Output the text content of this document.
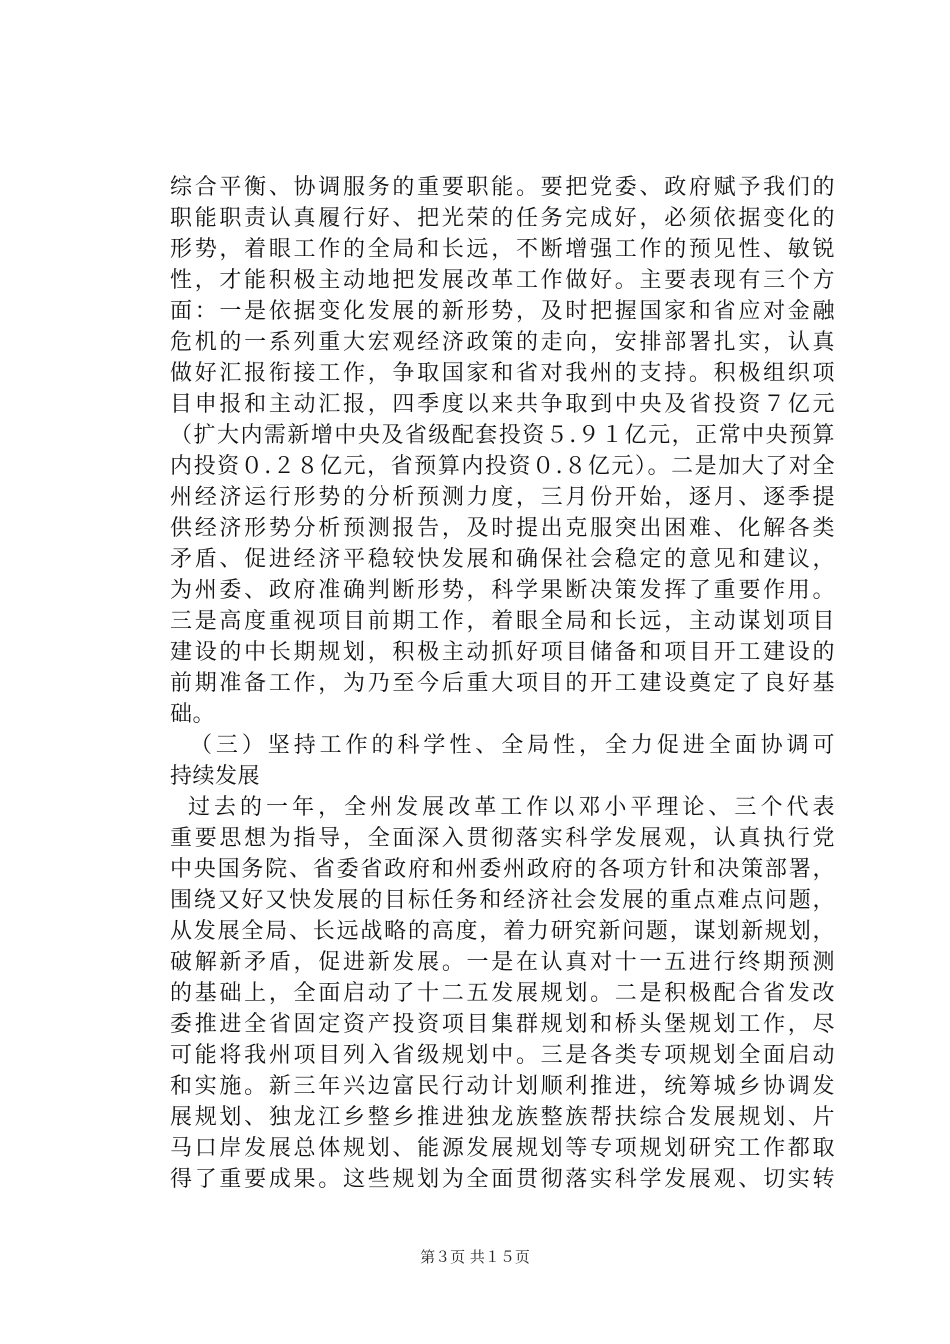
综合平衡、协调服务的重要职能。要把党委、政府赋予我们的
职能职责认真履行好、把光荣的任务完成好，必须依据变化的
形势，着眼工作的全局和长远，不断增强工作的预见性、敏锐
性，才能积极主动地把发展改革工作做好。主要表现有三个方
面：一是依据变化发展的新形势，及时把握国家和省应对金融
危机的一系列重大宏观经济政策的走向，安排部署扎实，认真
做好汇报衔接工作，争取国家和省对我州的支持。积极组织项
目申报和主动汇报，四季度以来共争取到中央及省投资７亿元
（扩大内需新增中央及省级配套投资５.９１亿元，正常中央预算
内投资０.２８亿元，省预算内投资０.８亿元）。二是加大了对全
州经济运行形势的分析预测力度，三月份开始，逐月、逐季提
供经济形势分析预测报告，及时提出克服突出困难、化解各类
矛盾、促进经济平稳较快发展和确保社会稳定的意见和建议，
为州委、政府准确判断形势，科学果断决策发挥了重要作用。
三是高度重视项目前期工作，着眼全局和长远，主动谋划项目
建设的中长期规划，积极主动抓好项目储备和项目开工建设的
前期准备工作，为乃至今后重大项目的开工建设奠定了良好基
础。
（三）坚持工作的科学性、全局性，全力促进全面协调可
持续发展
过去的一年，全州发展改革工作以邓小平理论、三个代表
重要思想为指导，全面深入贯彻落实科学发展观，认真执行党
中央国务院、省委省政府和州委州政府的各项方针和决策部署，
围绕又好又快发展的目标任务和经济社会发展的重点难点问题，
从发展全局、长远战略的高度，着力研究新问题，谋划新规划，
破解新矛盾，促进新发展。一是在认真对十一五进行终期预测
的基础上，全面启动了十二五发展规划。二是积极配合省发改
委推进全省固定资产投资项目集群规划和桥头堡规划工作，尽
可能将我州项目列入省级规划中。三是各类专项规划全面启动
和实施。新三年兴边富民行动计划顺利推进，统筹城乡协调发
展规划、独龙江乡整乡推进独龙族整族帮扶综合发展规划、片
马口岸发展总体规划、能源发展规划等专项规划研究工作都取
得了重要成果。这些规划为全面贯彻落实科学发展观、切实转
第３页 共１５页
